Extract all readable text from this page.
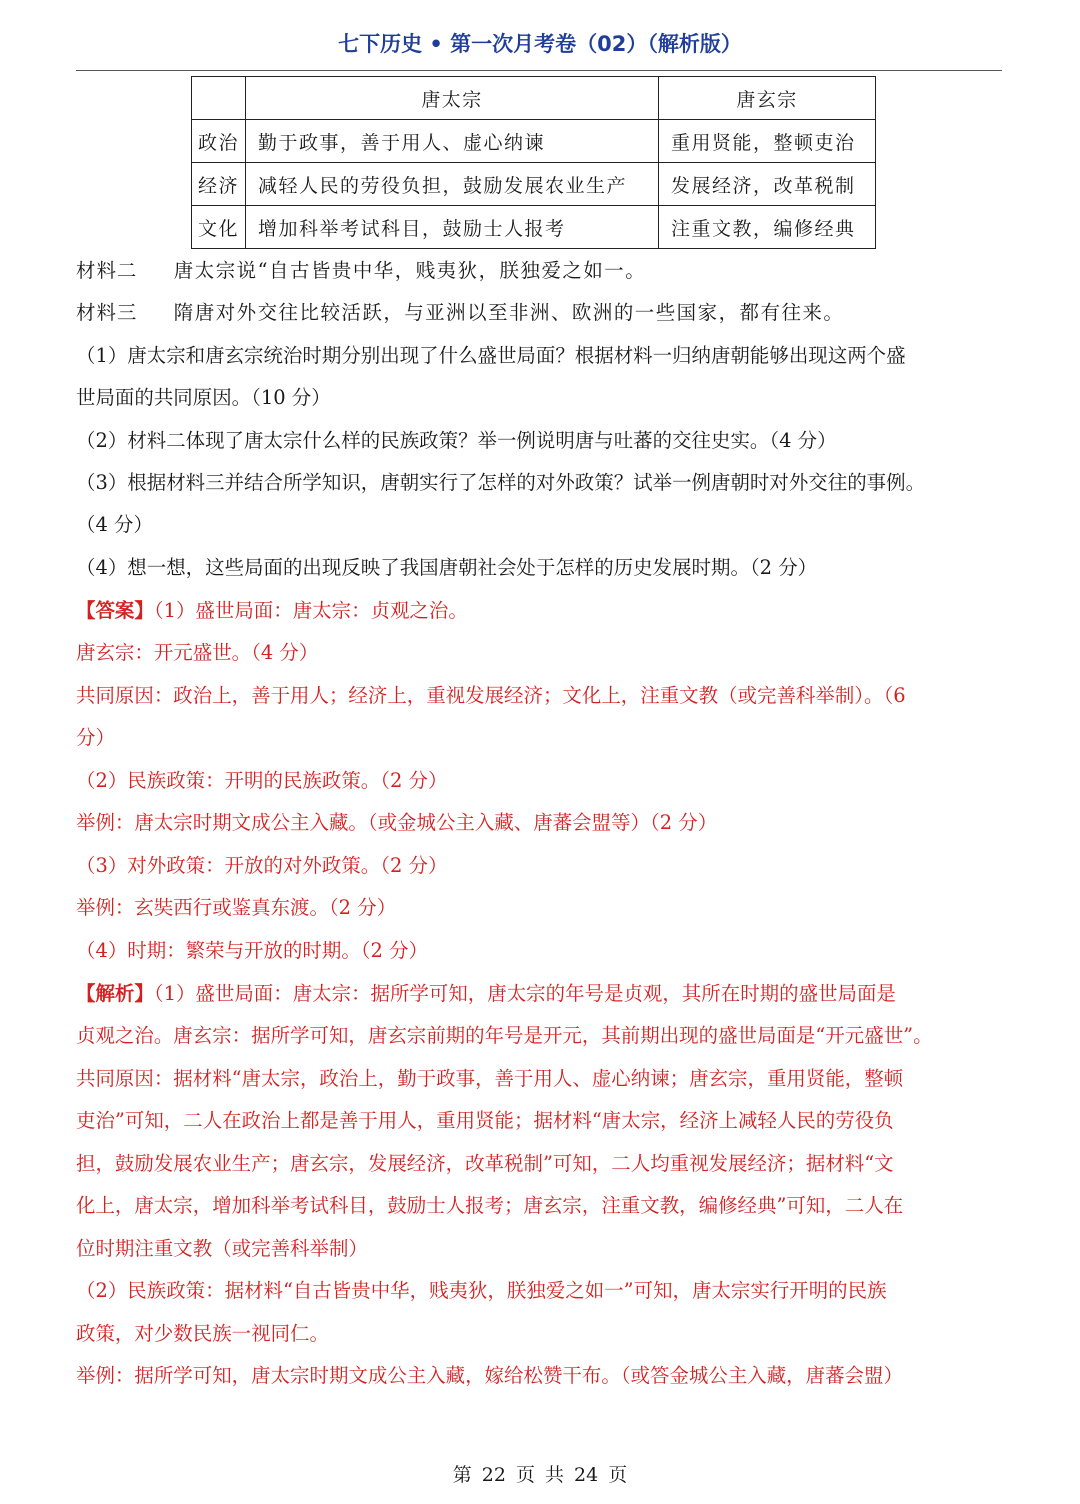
七下历史 • 第一次月考卷（02）（解析版）
	唐太宗	唐玄宗
政治	勤于政事，善于用人、虚心纳谏	重用贤能，整顿吏治
经济	减轻人民的劳役负担，鼓励发展农业生产	发展经济，改革税制
文化	增加科举考试科目，鼓励士人报考	注重文教，编修经典
材料二 唐太宗说“自古皆贵中华，贱夷狄，朕独爱之如一。
材料三 隋唐对外交往比较活跃，与亚洲以至非洲、欧洲的一些国家，都有往来。
（1）唐太宗和唐玄宗统治时期分别出现了什么盛世局面？根据材料一归纳唐朝能够出现这两个盛
世局面的共同原因。（10 分）
（2）材料二体现了唐太宗什么样的民族政策？举一例说明唐与吐蕃的交往史实。（4 分）
（3）根据材料三并结合所学知识，唐朝实行了怎样的对外政策？试举一例唐朝时对外交往的事例。
（4 分）
（4）想一想，这些局面的出现反映了我国唐朝社会处于怎样的历史发展时期。（2 分）
【答案】（1）盛世局面：唐太宗：贞观之治。
唐玄宗：开元盛世。（4 分）
共同原因：政治上，善于用人；经济上，重视发展经济；文化上，注重文教（或完善科举制）。（6
分）
（2）民族政策：开明的民族政策。（2 分）
举例：唐太宗时期文成公主入藏。（或金城公主入藏、唐蕃会盟等）（2 分）
（3）对外政策：开放的对外政策。（2 分）
举例：玄奘西行或鉴真东渡。（2 分）
（4）时期：繁荣与开放的时期。（2 分）
【解析】（1）盛世局面：唐太宗：据所学可知，唐太宗的年号是贞观，其所在时期的盛世局面是
贞观之治。唐玄宗：据所学可知，唐玄宗前期的年号是开元，其前期出现的盛世局面是“开元盛世”。
共同原因：据材料“唐太宗，政治上，勤于政事，善于用人、虚心纳谏；唐玄宗，重用贤能，整顿
吏治”可知，二人在政治上都是善于用人，重用贤能；据材料“唐太宗，经济上减轻人民的劳役负
担，鼓励发展农业生产；唐玄宗，发展经济，改革税制”可知，二人均重视发展经济；据材料“文
化上，唐太宗，增加科举考试科目，鼓励士人报考；唐玄宗，注重文教，编修经典”可知，二人在
位时期注重文教（或完善科举制）
（2）民族政策：据材料“自古皆贵中华，贱夷狄，朕独爱之如一”可知，唐太宗实行开明的民族
政策，对少数民族一视同仁。
举例：据所学可知，唐太宗时期文成公主入藏，嫁给松赞干布。（或答金城公主入藏，唐蕃会盟）
第 22 页 共 24 页
